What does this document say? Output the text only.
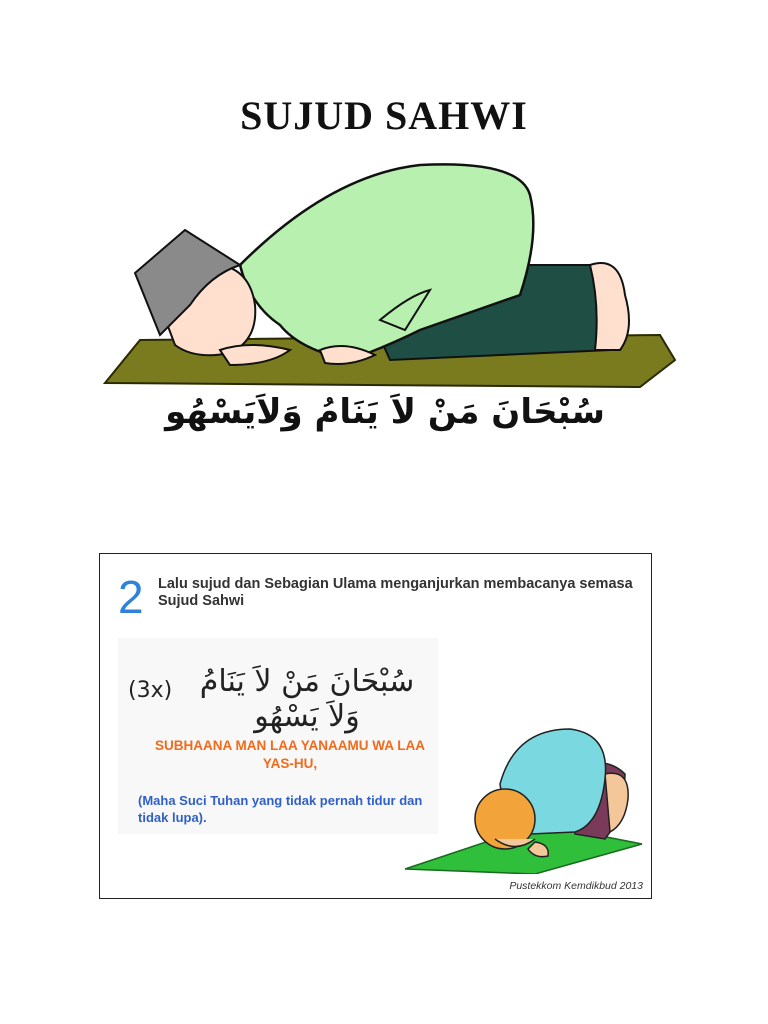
SUJUD SAHWI
سُبْحَانَ مَنْ لاَ يَنَامُ وَلاَيَسْهُو
2 Lalu sujud dan Sebagian Ulama menganjurkan membacanya semasa Sujud Sahwi
سُبْحَانَ مَنْ لاَ يَنَامُ وَلاَ يَسْهُو
(3x)
SUBHAANA MAN LAA YANAAMU WA LAA YAS-HU,
(Maha Suci Tuhan yang tidak pernah tidur dan tidak lupa).
Pustekkom Kemdikbud 2013
